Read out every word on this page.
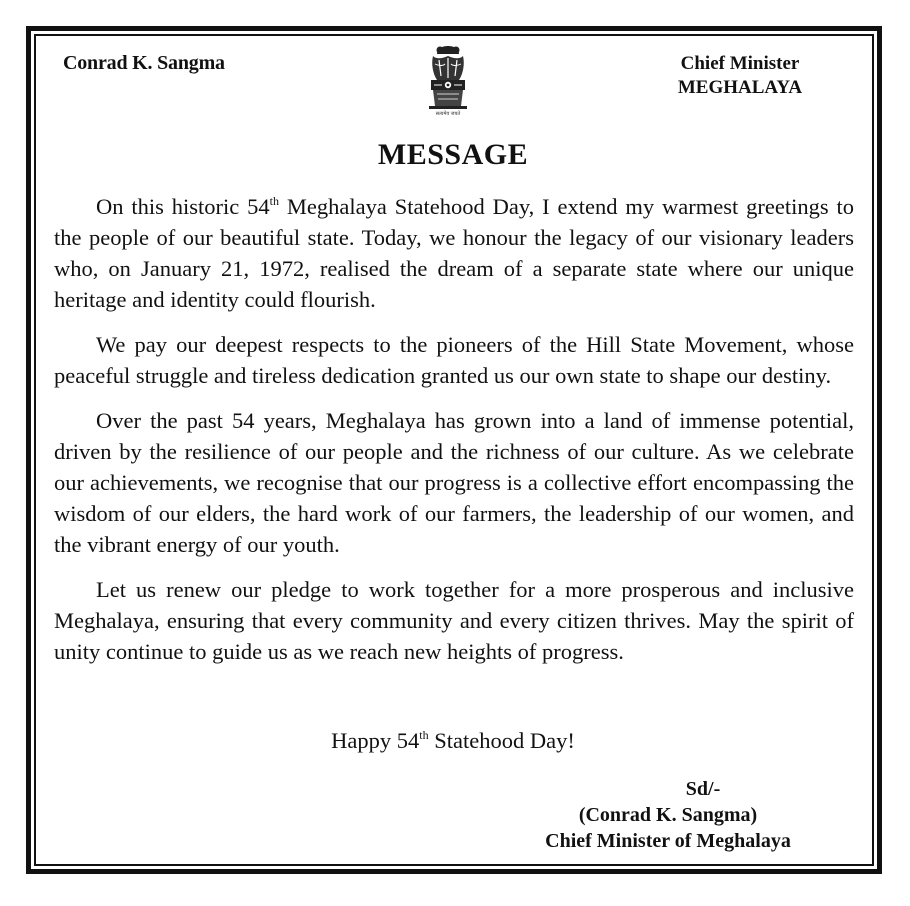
Conrad K. Sangma	Chief Minister
MEGHALAYA
सत्यमेव जयते
MESSAGE

On this historic 54th Meghalaya Statehood Day, I extend my warmest greetings to the people of our beautiful state. Today, we honour the legacy of our visionary leaders who, on January 21, 1972, realised the dream of a separate state where our unique heritage and identity could flourish.

We pay our deepest respects to the pioneers of the Hill State Movement, whose peaceful struggle and tireless dedication granted us our own state to shape our destiny.

Over the past 54 years, Meghalaya has grown into a land of immense potential, driven by the resilience of our people and the richness of our culture. As we celebrate our achievements, we recognise that our progress is a collective effort encompassing the wisdom of our elders, the hard work of our farmers, the leadership of our women, and the vibrant energy of our youth.

Let us renew our pledge to work together for a more prosperous and inclusive Meghalaya, ensuring that every community and every citizen thrives. May the spirit of unity continue to guide us as we reach new heights of progress.

Happy 54th Statehood Day!
Sd/-
(Conrad K. Sangma)
Chief Minister of Meghalaya
